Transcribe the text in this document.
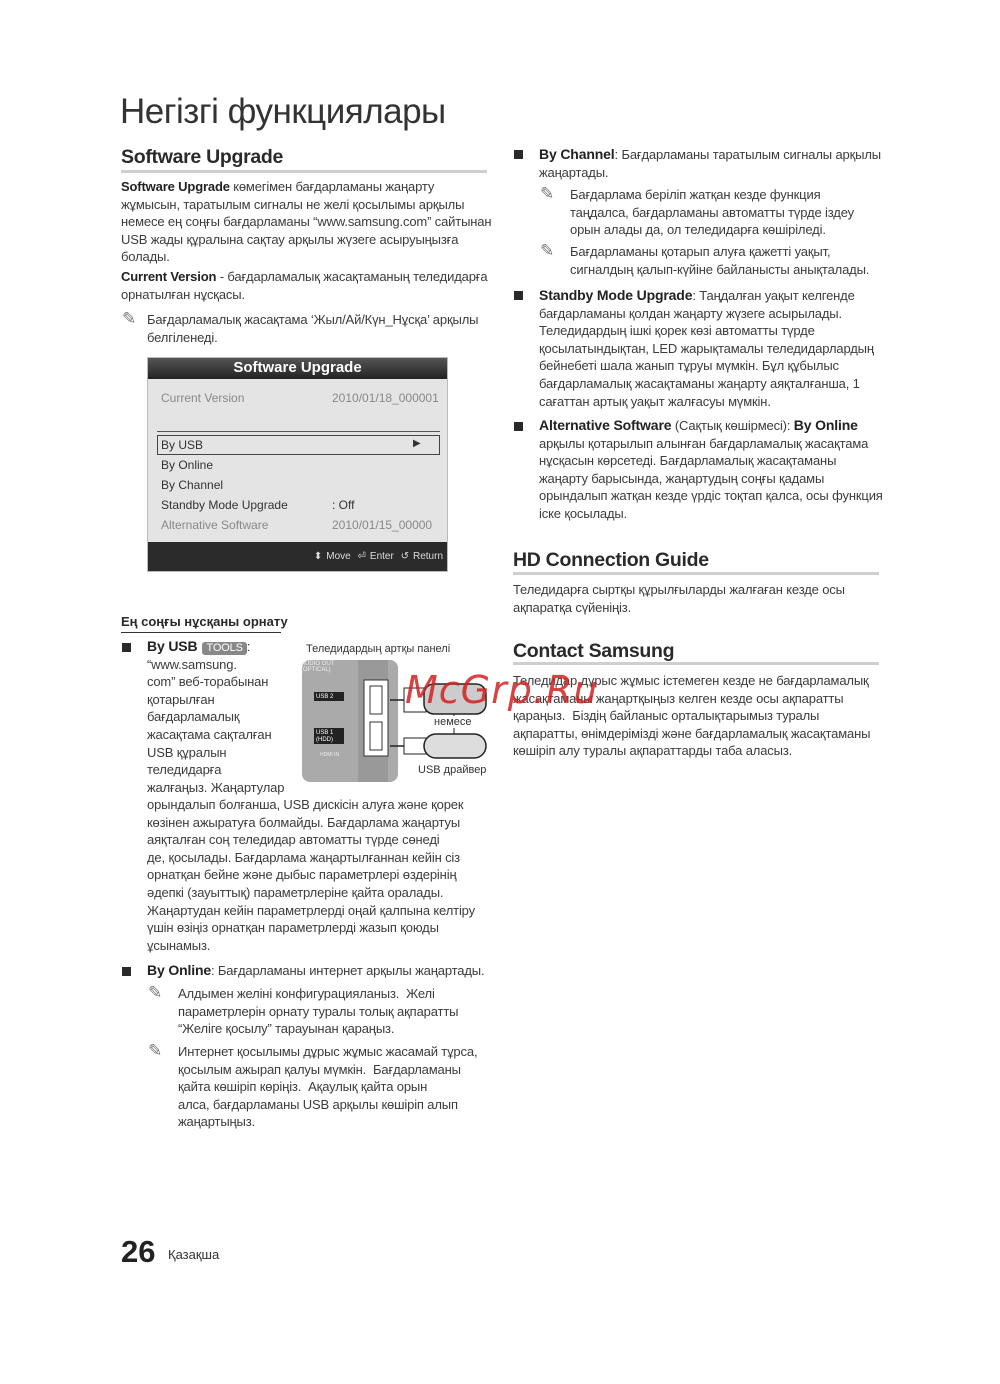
Негізгі функциялары
Software Upgrade
Software Upgrade көмегімен бағдарламаны жаңарту
жұмысын, таратылым сигналы не желі қосылымы арқылы
немесе ең соңғы бағдарламаны “www.samsung.com” сайтынан
USB жады құралына сақтау арқылы жүзеге асыруыңызға
болады.
Current Version - бағдарламалық жасақтаманың теледидарға
орнатылған нұсқасы.
✎ Бағдарламалық жасақтама ‘Жыл/Ай/Күн_Нұсқа’ арқылы
белгіленеді.
Software Upgrade
Current Version	2010/01/18_000001
By USB	▶
By Online
By Channel
Standby Mode Upgrade	: Off
Alternative Software	2010/01/15_00000
⬍ Move ⏎ Enter ↺ Return
Ең соңғы нұсқаны орнату
By USB TOOLS :
“www.samsung.
com” веб-торабынан
қотарылған
бағдарламалық
жасақтама сақталған
USB құралын
теледидарға
жалғаңыз. Жаңартулар
орындалып болғанша, USB дискісін алуға және қорек
көзінен ажыратуға болмайды. Бағдарлама жаңартуы
аяқталған соң теледидар автоматты түрде сөнеді
де, қосылады. Бағдарлама жаңартылғаннан кейін сіз
орнатқан бейне және дыбыс параметрлері өздерінің
әдепкі (зауыттық) параметрлеріне қайта оралады.
Жаңартудан кейін параметрлерді оңай қалпына келтіру
үшін өзіңіз орнатқан параметрлерді жазып қоюды
ұсынамыз.
Теледидардың артқы панелі
AUDIO OUT
(OPTICAL)
USB 2
USB 1
(HDD)
HDMI IN
немесе
USB драйвер
By Online: Бағдарламаны интернет арқылы жаңартады.
✎ Алдымен желіні конфигурацияланыз.  Желі
параметрлерін орнату туралы толық ақпаратты
“Желіге қосылу” тарауынан қараңыз.
✎ Интернет қосылымы дұрыс жұмыс жасамай тұрса,
қосылым ажырап қалуы мүмкін.  Бағдарламаны
қайта көшіріп көріңіз.  Ақаулық қайта орын
алса, бағдарламаны USB арқылы көшіріп алып
жаңартыңыз.
By Channel: Бағдарламаны таратылым сигналы арқылы
жаңартады.
✎ Бағдарлама беріліп жатқан кезде функция
таңдалса, бағдарламаны автоматты түрде іздеу
орын алады да, ол теледидарға көшіріледі.
✎ Бағдарламаны қотарып алуға қажетті уақыт,
сигналдың қалып-күйіне байланысты анықталады.
Standby Mode Upgrade: Таңдалған уақыт келгенде
бағдарламаны қолдан жаңарту жүзеге асырылады.
Теледидардың ішкі қорек көзі автоматты түрде
қосылатындықтан, LED жарықтамалы теледидарлардың
бейнебеті шала жанып тұруы мүмкін. Бұл құбылыс
бағдарламалық жасақтаманы жаңарту аяқталғанша, 1
сағаттан артық уақыт жалғасуы мүмкін.
Alternative Software (Сақтық көшірмесі): By Online
арқылы қотарылып алынған бағдарламалық жасақтама
нұсқасын көрсетеді. Бағдарламалық жасақтаманы
жаңарту барысында, жаңартудың соңғы қадамы
орындалып жатқан кезде үрдіс тоқтап қалса, осы функция
іске қосылады.
HD Connection Guide
Теледидарға сыртқы құрылғыларды жалғаған кезде осы
ақпаратқа сүйеніңіз.
Contact Samsung
Теледидар дұрыс жұмыс істемеген кезде не бағдарламалық
жасақтаманы жаңартқыңыз келген кезде осы ақпаратты
қараңыз.  Біздің байланыс орталықтарымыз туралы
ақпаратты, өнімдерімізді және бағдарламалық жасақтаманы
көшіріп алу туралы ақпараттарды таба аласыз.
McGrp.Ru
26 Қазақша
